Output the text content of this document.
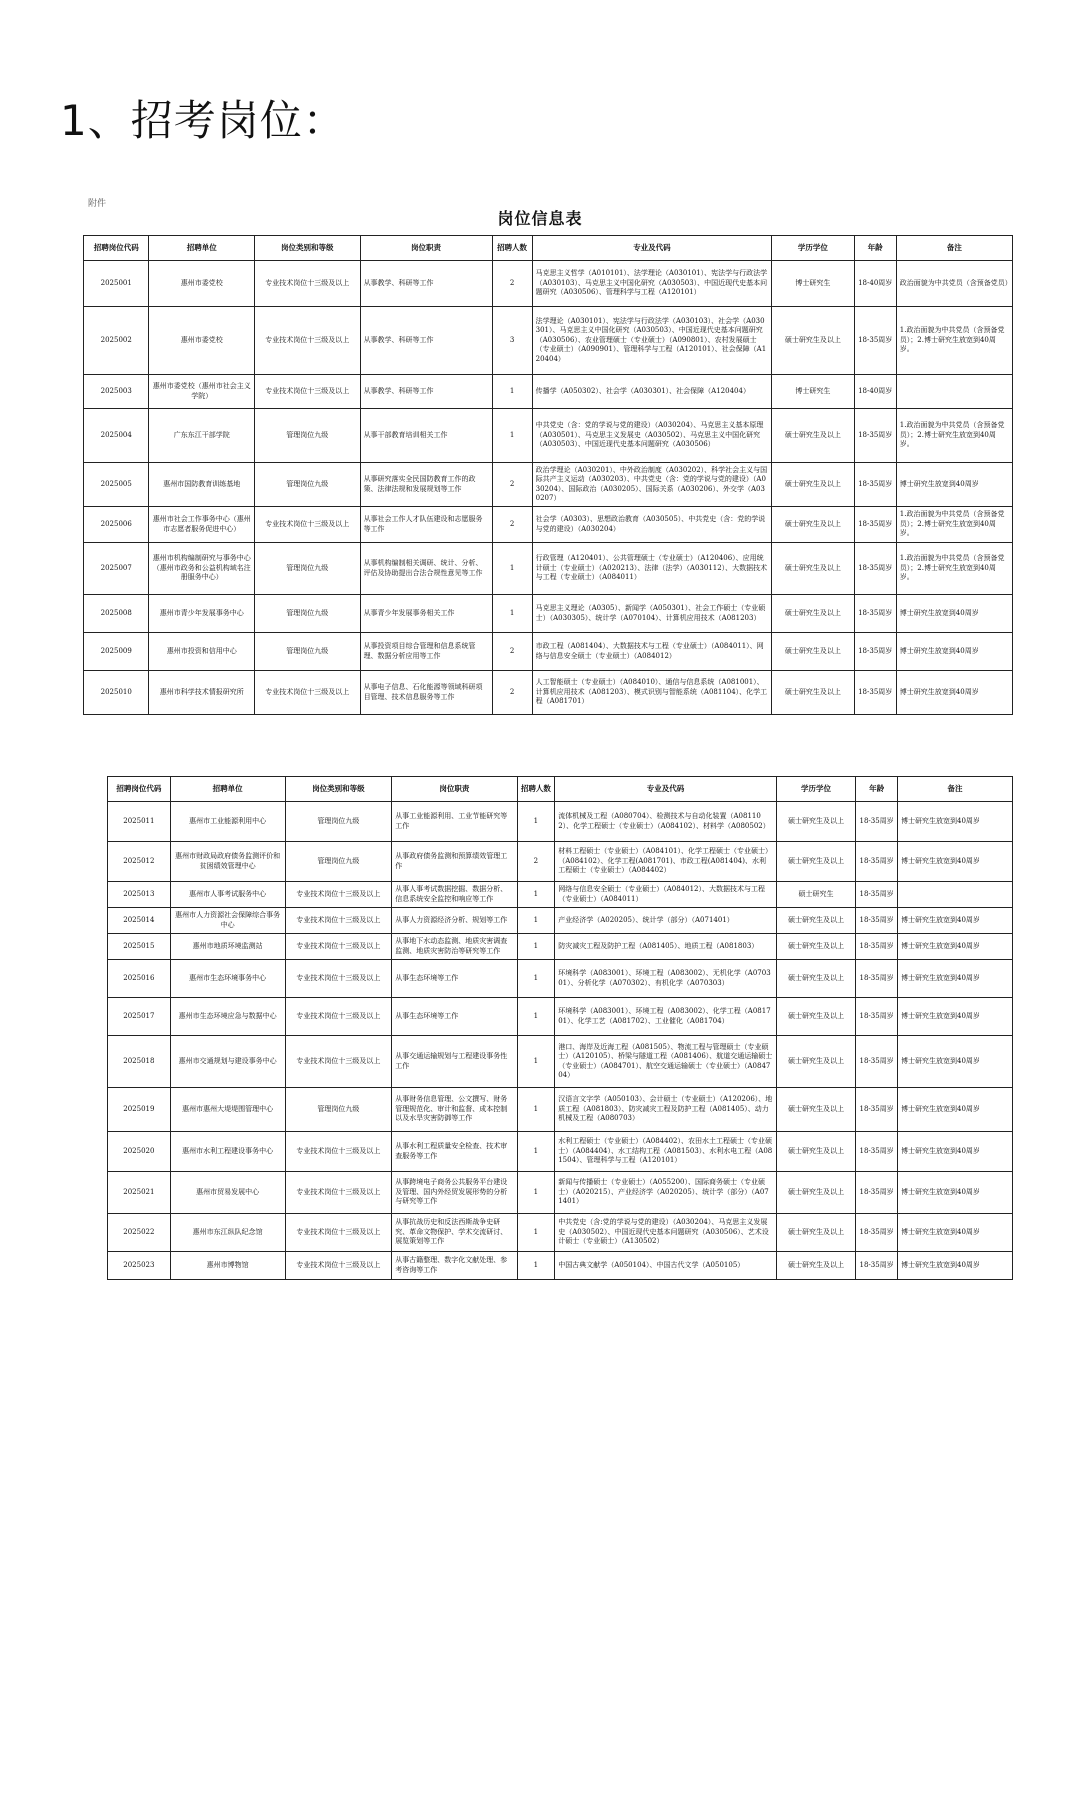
1、招考岗位：
附件
岗位信息表
招聘岗位代码	招聘单位	岗位类别和等级	岗位职责	招聘人数	专业及代码	学历学位	年龄	备注
2025001	惠州市委党校	专业技术岗位十三级及以上	从事教学、科研等工作	2	马克思主义哲学（A010101）、法学理论（A030101）、宪法学与行政法学（A030103）、马克思主义中国化研究（A030503）、中国近现代史基本问题研究（A030506）、管理科学与工程（A120101）	博士研究生	18-40周岁	政治面貌为中共党员（含预备党员）
2025002	惠州市委党校	专业技术岗位十三级及以上	从事教学、科研等工作	3	法学理论（A030101）、宪法学与行政法学（A030103）、社会学（A030301）、马克思主义中国化研究（A030503）、中国近现代史基本问题研究（A030506）、农业管理硕士（专业硕士）（A090801）、农村发展硕士（专业硕士）（A090901）、管理科学与工程（A120101）、社会保障（A120404）	硕士研究生及以上	18-35周岁	1.政治面貌为中共党员（含预备党员）；2.博士研究生放宽到40周岁。
2025003	惠州市委党校（惠州市社会主义学院）	专业技术岗位十三级及以上	从事教学、科研等工作	1	传播学（A050302）、社会学（A030301）、社会保障（A120404）	博士研究生	18-40周岁	
2025004	广东东江干部学院	管理岗位九级	从事干部教育培训相关工作	1	中共党史（含：党的学说与党的建设）（A030204）、马克思主义基本原理（A030501）、马克思主义发展史（A030502）、马克思主义中国化研究（A030503）、中国近现代史基本问题研究（A030506）	硕士研究生及以上	18-35周岁	1.政治面貌为中共党员（含预备党员）；2.博士研究生放宽到40周岁。
2025005	惠州市国防教育训练基地	管理岗位九级	从事研究落实全民国防教育工作的政策、法律法规和发展规划等工作	2	政治学理论（A030201）、中外政治制度（A030202）、科学社会主义与国际共产主义运动（A030203）、中共党史（含：党的学说与党的建设）（A030204）、国际政治（A030205）、国际关系（A030206）、外交学（A030207）	硕士研究生及以上	18-35周岁	博士研究生放宽到40周岁
2025006	惠州市社会工作事务中心（惠州市志愿者服务促进中心）	专业技术岗位十三级及以上	从事社会工作人才队伍建设和志愿服务等工作	2	社会学（A0303）、思想政治教育（A030505）、中共党史（含：党的学说与党的建设）（A030204）	硕士研究生及以上	18-35周岁	1.政治面貌为中共党员（含预备党员）；2.博士研究生放宽到40周岁。
2025007	惠州市机构编制研究与事务中心（惠州市政务和公益机构域名注册服务中心）	管理岗位九级	从事机构编制相关调研、统计、分析、评估及协助提出合法合规性意见等工作	1	行政管理（A120401）、公共管理硕士（专业硕士）（A120406）、应用统计硕士（专业硕士）（A020213）、法律（法学）（A030112）、大数据技术与工程（专业硕士）（A084011）	硕士研究生及以上	18-35周岁	1.政治面貌为中共党员（含预备党员）；2.博士研究生放宽到40周岁。
2025008	惠州市青少年发展事务中心	管理岗位九级	从事青少年发展事务相关工作	1	马克思主义理论（A0305）、新闻学（A050301）、社会工作硕士（专业硕士）（A030305）、统计学（A070104）、计算机应用技术（A081203）	硕士研究生及以上	18-35周岁	博士研究生放宽到40周岁
2025009	惠州市投资和信用中心	管理岗位九级	从事投资项目综合管理和信息系统管理、数据分析应用等工作	2	市政工程（A081404）、大数据技术与工程（专业硕士）（A084011）、网络与信息安全硕士（专业硕士）（A084012）	硕士研究生及以上	18-35周岁	博士研究生放宽到40周岁
2025010	惠州市科学技术情报研究所	专业技术岗位十三级及以上	从事电子信息、石化能源等领域科研项目管理、技术信息服务等工作	2	人工智能硕士（专业硕士）（A084010）、通信与信息系统（A081001）、计算机应用技术（A081203）、模式识别与智能系统（A081104）、化学工程（A081701）	硕士研究生及以上	18-35周岁	博士研究生放宽到40周岁
招聘岗位代码	招聘单位	岗位类别和等级	岗位职责	招聘人数	专业及代码	学历学位	年龄	备注
2025011	惠州市工业能源利用中心	管理岗位九级	从事工业能源利用、工业节能研究等工作	1	流体机械及工程（A080704）、检测技术与自动化装置（A081102）、化学工程硕士（专业硕士）（A084102）、材料学（A080502）	硕士研究生及以上	18-35周岁	博士研究生放宽到40周岁
2025012	惠州市财政局政府债务监测评价和贫困绩效管理中心	管理岗位九级	从事政府债务监测和预算绩效管理工作	2	材料工程硕士（专业硕士）（A084101）、化学工程硕士（专业硕士）（A084102）、化学工程(A081701)、市政工程(A081404)、水利工程硕士（专业硕士）（A084402）	硕士研究生及以上	18-35周岁	博士研究生放宽到40周岁
2025013	惠州市人事考试服务中心	专业技术岗位十三级及以上	从事人事考试数据挖掘、数据分析、信息系统安全监控和响应等工作	1	网络与信息安全硕士（专业硕士）（A084012）、大数据技术与工程（专业硕士）（A084011）	硕士研究生	18-35周岁	
2025014	惠州市人力资源社会保障综合事务中心	专业技术岗位十三级及以上	从事人力资源经济分析、规划等工作	1	产业经济学（A020205）、统计学（部分）（A071401）	硕士研究生及以上	18-35周岁	博士研究生放宽到40周岁
2025015	惠州市地质环境监测站	专业技术岗位十三级及以上	从事地下水动态监测、地质灾害调查监测、地质灾害防治等研究等工作	1	防灾减灾工程及防护工程（A081405）、地质工程（A081803）	硕士研究生及以上	18-35周岁	博士研究生放宽到40周岁
2025016	惠州市生态环境事务中心	专业技术岗位十三级及以上	从事生态环境等工作	1	环境科学（A083001）、环境工程（A083002）、无机化学（A070301）、分析化学（A070302）、有机化学（A070303）	硕士研究生及以上	18-35周岁	博士研究生放宽到40周岁
2025017	惠州市生态环境应急与数据中心	专业技术岗位十三级及以上	从事生态环境等工作	1	环境科学（A083001）、环境工程（A083002）、化学工程（A081701）、化学工艺（A081702）、工业催化（A081704）	硕士研究生及以上	18-35周岁	博士研究生放宽到40周岁
2025018	惠州市交通规划与建设事务中心	专业技术岗位十三级及以上	从事交通运输规划与工程建设事务性工作	1	港口、海岸及近海工程（A081505）、物流工程与管理硕士（专业硕士）（A120105）、桥梁与隧道工程（A081406）、航道交通运输硕士（专业硕士）（A084701）、航空交通运输硕士（专业硕士）（A084704）	硕士研究生及以上	18-35周岁	博士研究生放宽到40周岁
2025019	惠州市惠州大堤堤围管理中心	管理岗位九级	从事财务信息管理、公文撰写、财务管理规范化、审计和监督、成本控制以及水旱灾害防御等工作	1	汉语言文字学（A050103）、会计硕士（专业硕士）（A120206）、地质工程（A081803）、防灾减灾工程及防护工程（A081405）、动力机械及工程（A080703）	硕士研究生及以上	18-35周岁	博士研究生放宽到40周岁
2025020	惠州市水利工程建设事务中心	专业技术岗位十三级及以上	从事水利工程质量安全检查、技术审查服务等工作	1	水利工程硕士（专业硕士）（A084402）、农田水土工程硕士（专业硕士）（A084404）、水工结构工程（A081503）、水利水电工程（A081504）、管理科学与工程（A120101）	硕士研究生及以上	18-35周岁	博士研究生放宽到40周岁
2025021	惠州市贸易发展中心	专业技术岗位十三级及以上	从事跨境电子商务公共服务平台建设及管理、国内外经贸发展形势的分析与研究等工作	1	新闻与传播硕士（专业硕士）（A055200）、国际商务硕士（专业硕士）（A020215）、产业经济学（A020205）、统计学（部分）（A071401）	硕士研究生及以上	18-35周岁	博士研究生放宽到40周岁
2025022	惠州市东江纵队纪念馆	专业技术岗位十三级及以上	从事抗战历史和反法西斯战争史研究、革命文物保护、学术交流研讨、展览策划等工作	1	中共党史（含:党的学说与党的建设）（A030204）、马克思主义发展史（A030502）、中国近现代史基本问题研究（A030506）、艺术设计硕士（专业硕士）（A130502）	硕士研究生及以上	18-35周岁	博士研究生放宽到40周岁
2025023	惠州市博物馆	专业技术岗位十三级及以上	从事古籍整理、数字化文献处理、参考咨询等工作	1	中国古典文献学（A050104）、中国古代文学（A050105）	硕士研究生及以上	18-35周岁	博士研究生放宽到40周岁
